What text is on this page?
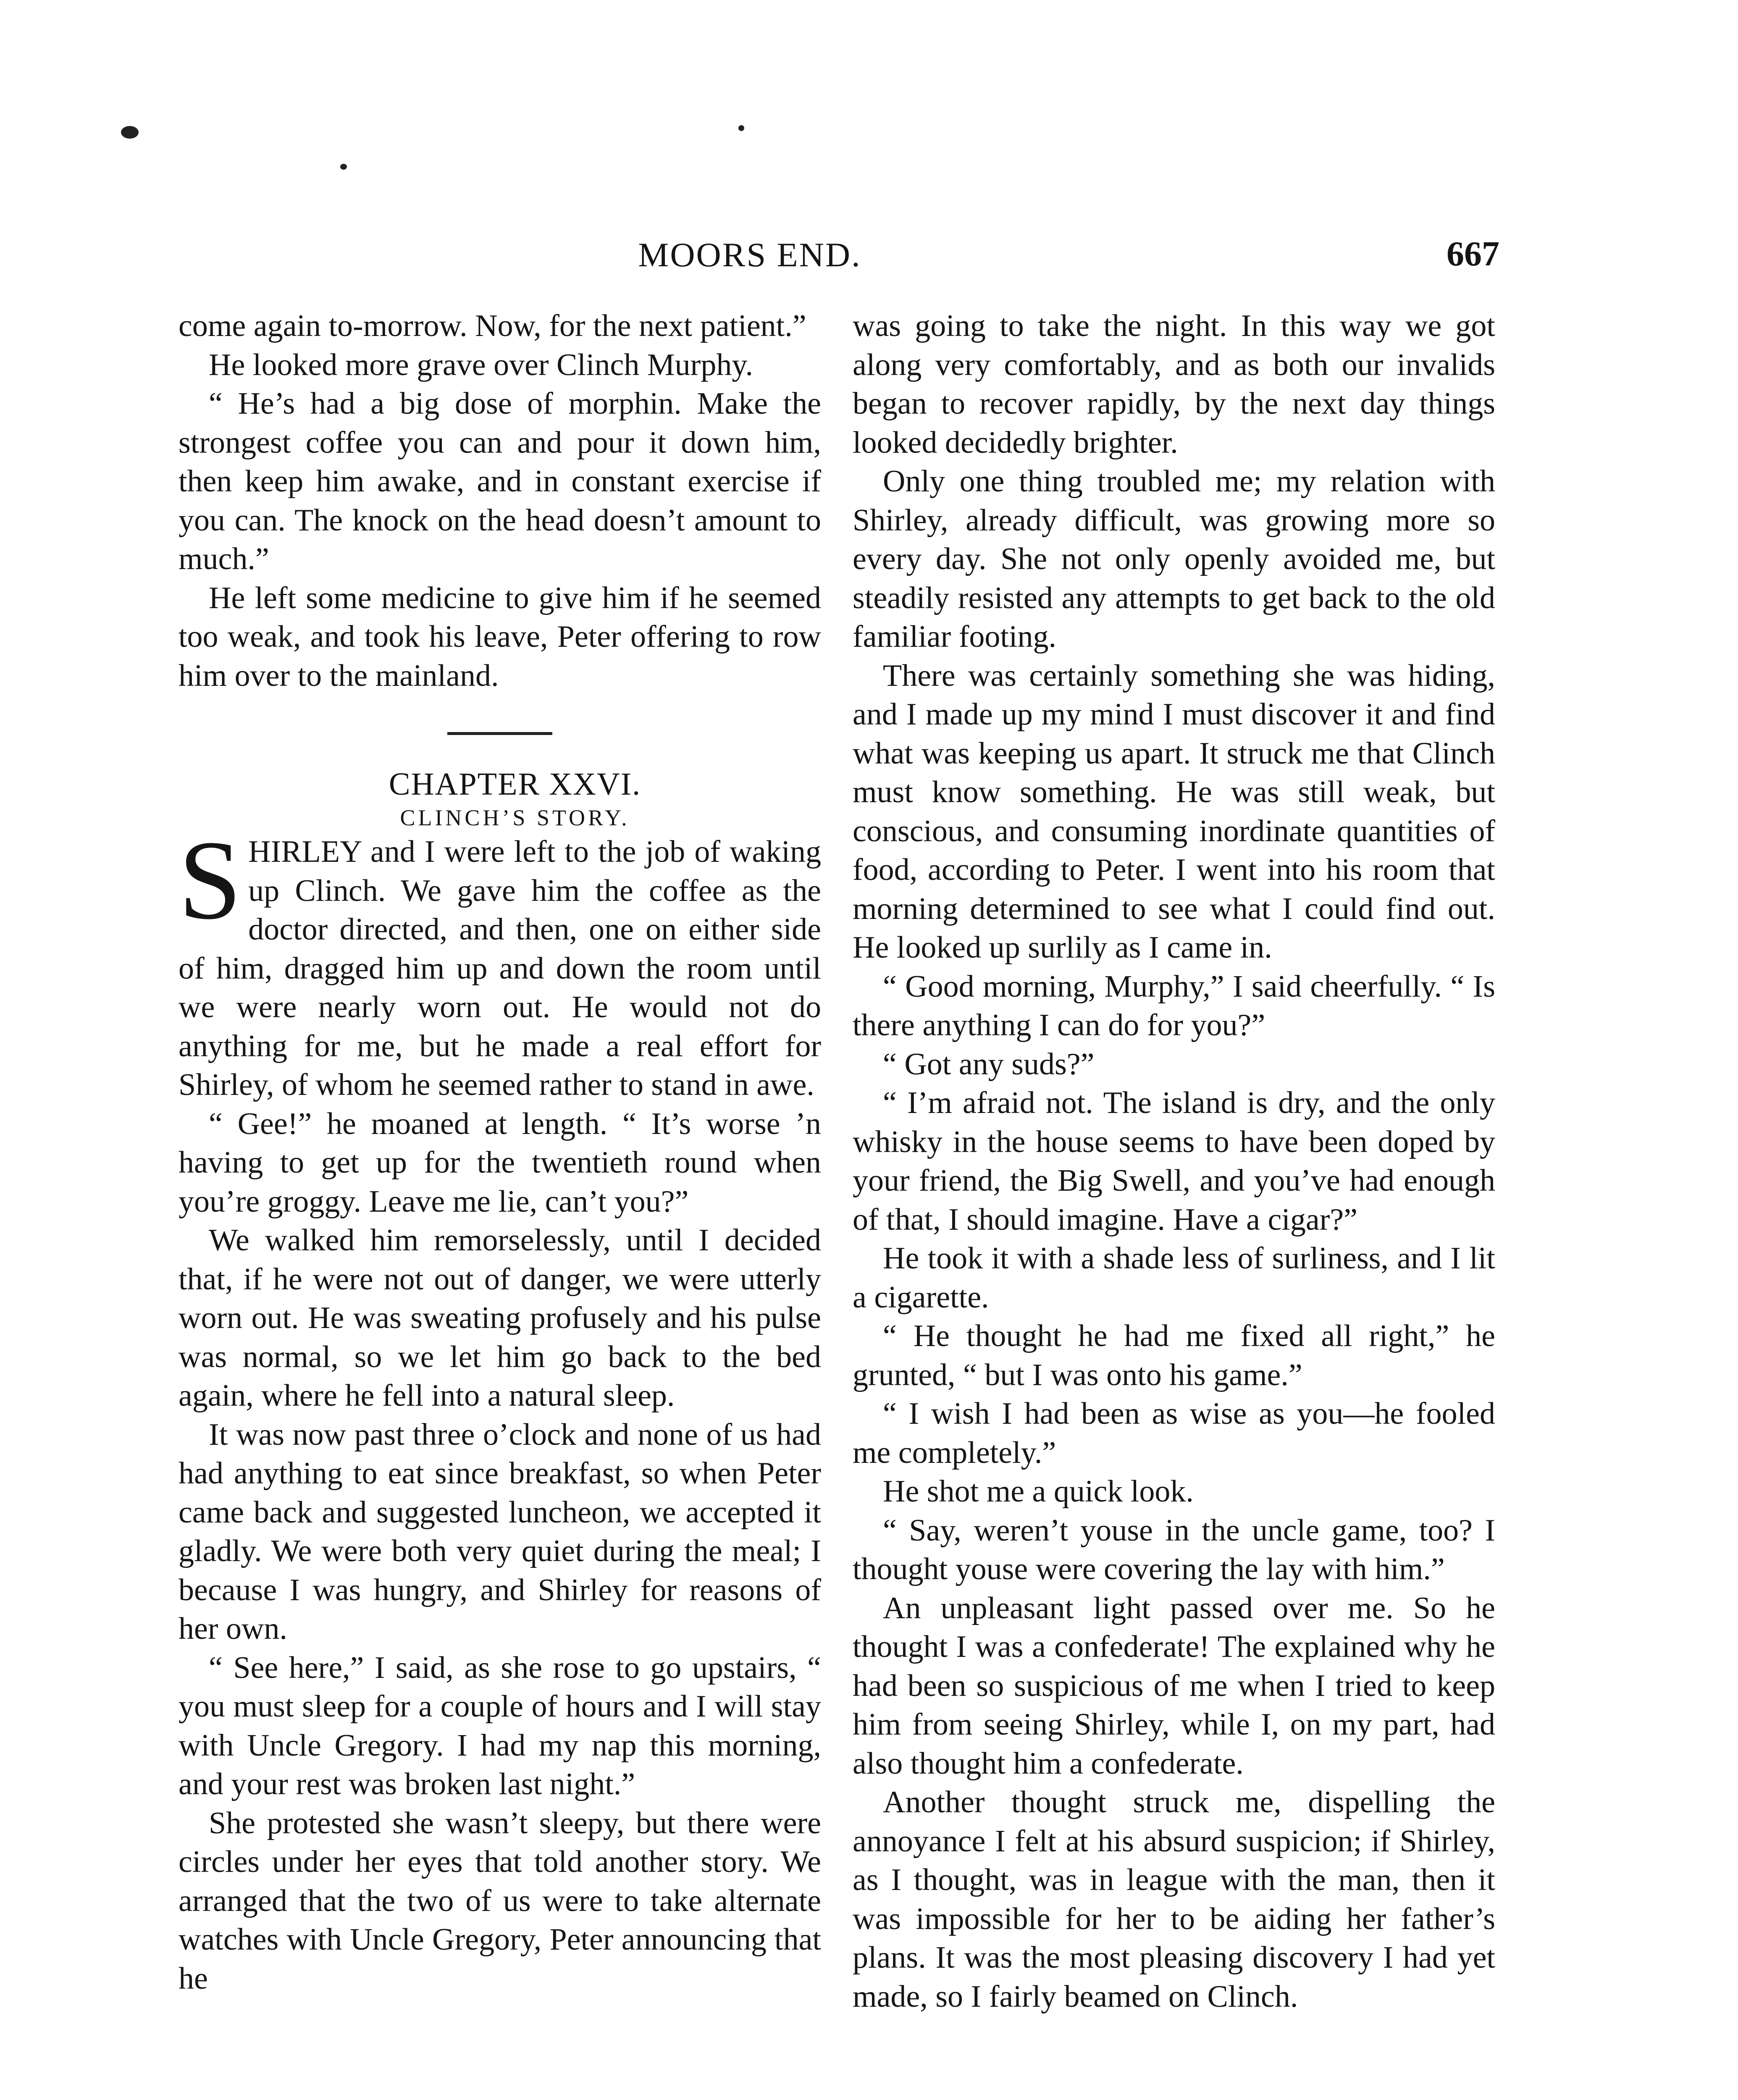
MOORS END.	667

come again to-morrow. Now, for the next patient.”

He looked more grave over Clinch Murphy.

“ He’s had a big dose of morphin. Make the strongest coffee you can and pour it down him, then keep him awake, and in constant exercise if you can. The knock on the head doesn’t amount to much.”

He left some medicine to give him if he seemed too weak, and took his leave, Peter offering to row him over to the mainland.

CHAPTER XXVI.

CLINCH’S STORY.

SHIRLEY and I were left to the job of waking up Clinch. We gave him the coffee as the doctor directed, and then, one on either side of him, dragged him up and down the room until we were nearly worn out. He would not do anything for me, but he made a real effort for Shirley, of whom he seemed rather to stand in awe.

“ Gee!” he moaned at length. “ It’s worse ’n having to get up for the twentieth round when you’re groggy. Leave me lie, can’t you?”

We walked him remorselessly, until I decided that, if he were not out of danger, we were utterly worn out. He was sweating profusely and his pulse was normal, so we let him go back to the bed again, where he fell into a natural sleep.

It was now past three o’clock and none of us had had anything to eat since breakfast, so when Peter came back and suggested luncheon, we accepted it gladly. We were both very quiet during the meal; I because I was hungry, and Shirley for reasons of her own.

“ See here,” I said, as she rose to go upstairs, “ you must sleep for a couple of hours and I will stay with Uncle Gregory. I had my nap this morning, and your rest was broken last night.”

She protested she wasn’t sleepy, but there were circles under her eyes that told another story. We arranged that the two of us were to take alternate watches with Uncle Gregory, Peter announcing that he

was going to take the night. In this way we got along very comfortably, and as both our invalids began to recover rapidly, by the next day things looked decidedly brighter.

Only one thing troubled me; my relation with Shirley, already difficult, was growing more so every day. She not only openly avoided me, but steadily resisted any attempts to get back to the old familiar footing.

There was certainly something she was hiding, and I made up my mind I must discover it and find what was keeping us apart. It struck me that Clinch must know something. He was still weak, but conscious, and consuming inordinate quantities of food, according to Peter. I went into his room that morning determined to see what I could find out. He looked up surlily as I came in.

“ Good morning, Murphy,” I said cheerfully. “ Is there anything I can do for you?”

“ Got any suds?”

“ I’m afraid not. The island is dry, and the only whisky in the house seems to have been doped by your friend, the Big Swell, and you’ve had enough of that, I should imagine. Have a cigar?”

He took it with a shade less of surliness, and I lit a cigarette.

“ He thought he had me fixed all right,” he grunted, “ but I was onto his game.”

“ I wish I had been as wise as you—he fooled me completely.”

He shot me a quick look.

“ Say, weren’t youse in the uncle game, too? I thought youse were covering the lay with him.”

An unpleasant light passed over me. So he thought I was a confederate! The explained why he had been so suspicious of me when I tried to keep him from seeing Shirley, while I, on my part, had also thought him a confederate.

Another thought struck me, dispelling the annoyance I felt at his absurd suspicion; if Shirley, as I thought, was in league with the man, then it was impossible for her to be aiding her father’s plans. It was the most pleasing discovery I had yet made, so I fairly beamed on Clinch.
